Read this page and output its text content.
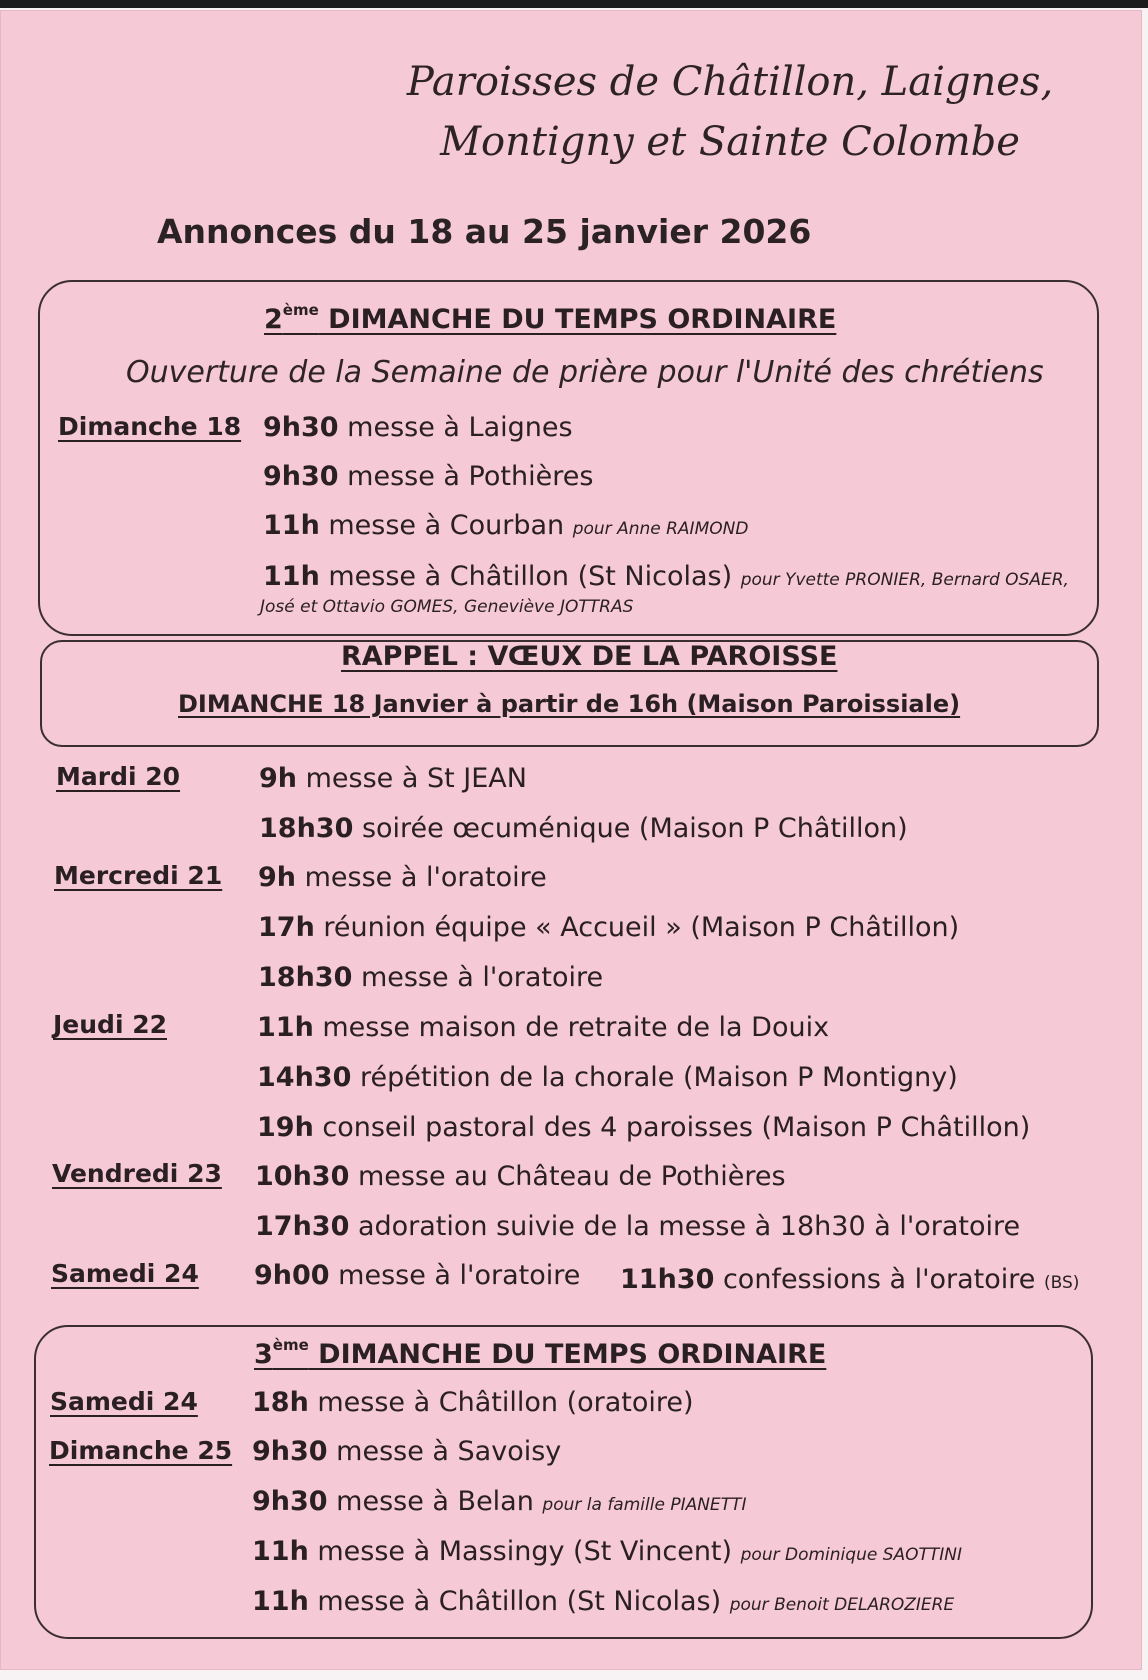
Paroisses de Châtillon, Laignes,
Montigny et Sainte Colombe
Annonces du 18 au 25 janvier 2026
2ème DIMANCHE DU TEMPS ORDINAIRE
Ouverture de la Semaine de prière pour l'Unité des chrétiens
Dimanche 18 9h30 messe à Laignes
9h30 messe à Pothières
11h messe à Courban pour Anne RAIMOND
11h messe à Châtillon (St Nicolas) pour Yvette PRONIER, Bernard OSAER,
José et Ottavio GOMES, Geneviève JOTTRAS
RAPPEL : VŒUX DE LA PAROISSE
DIMANCHE 18 Janvier à partir de 16h (Maison Paroissiale)
Mardi 20	9h messe à St JEAN
18h30 soirée œcuménique (Maison P Châtillon)
Mercredi 21 9h messe à l'oratoire
17h réunion équipe « Accueil » (Maison P Châtillon)
18h30 messe à l'oratoire
Jeudi 22	11h messe maison de retraite de la Douix
14h30 répétition de la chorale (Maison P Montigny)
19h conseil pastoral des 4 paroisses (Maison P Châtillon)
Vendredi 23 10h30 messe au Château de Pothières
17h30 adoration suivie de la messe à 18h30 à l'oratoire
Samedi 24 9h00 messe à l'oratoire 11h30 confessions à l'oratoire (BS)
3ème DIMANCHE DU TEMPS ORDINAIRE
Samedi 24 18h messe à Châtillon (oratoire)
Dimanche 25 9h30 messe à Savoisy
9h30 messe à Belan pour la famille PIANETTI
11h messe à Massingy (St Vincent) pour Dominique SAOTTINI
11h messe à Châtillon (St Nicolas) pour Benoit DELAROZIERE
